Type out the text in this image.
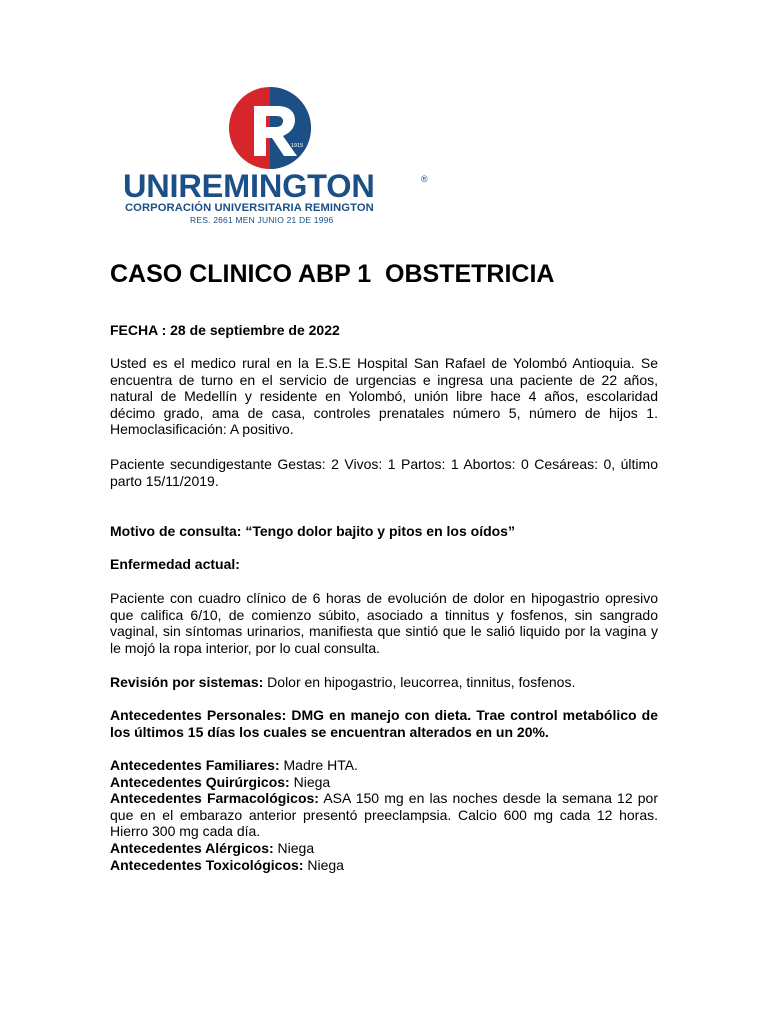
1915
UNIREMINGTON	®
CORPORACIÓN UNIVERSITARIA REMINGTON
RES. 2661 MEN JUNIO 21 DE 1996
CASO CLINICO ABP 1  OBSTETRICIA

FECHA : 28 de septiembre de 2022

Usted es el medico rural en la E.S.E Hospital San Rafael de Yolombó Antioquia. Se encuentra de turno en el servicio de urgencias e ingresa una paciente de 22 años, natural de Medellín y residente en Yolombó, unión libre hace 4 años, escolaridad décimo grado, ama de casa, controles prenatales número 5, número de hijos 1. Hemoclasificación: A positivo.

Paciente secundigestante Gestas: 2 Vivos: 1 Partos: 1 Abortos: 0 Cesáreas: 0, último parto 15/11/2019.

Motivo de consulta: “Tengo dolor bajito y pitos en los oídos”

Enfermedad actual:

Paciente con cuadro clínico de 6 horas de evolución de dolor en hipogastrio opresivo que califica 6/10, de comienzo súbito, asociado a tinnitus y fosfenos, sin sangrado vaginal, sin síntomas urinarios, manifiesta que sintió que le salió liquido por la vagina y le mojó la ropa interior, por lo cual consulta.

Revisión por sistemas: Dolor en hipogastrio, leucorrea, tinnitus, fosfenos.

Antecedentes Personales: DMG en manejo con dieta. Trae control metabólico de los últimos 15 días los cuales se encuentran alterados en un 20%.

Antecedentes Familiares: Madre HTA.
Antecedentes Quirúrgicos: Niega
Antecedentes Farmacológicos: ASA 150 mg en las noches desde la semana 12 por que en el embarazo anterior presentó preeclampsia. Calcio 600 mg cada 12 horas. Hierro 300 mg cada día.
Antecedentes Alérgicos: Niega
Antecedentes Toxicológicos: Niega
